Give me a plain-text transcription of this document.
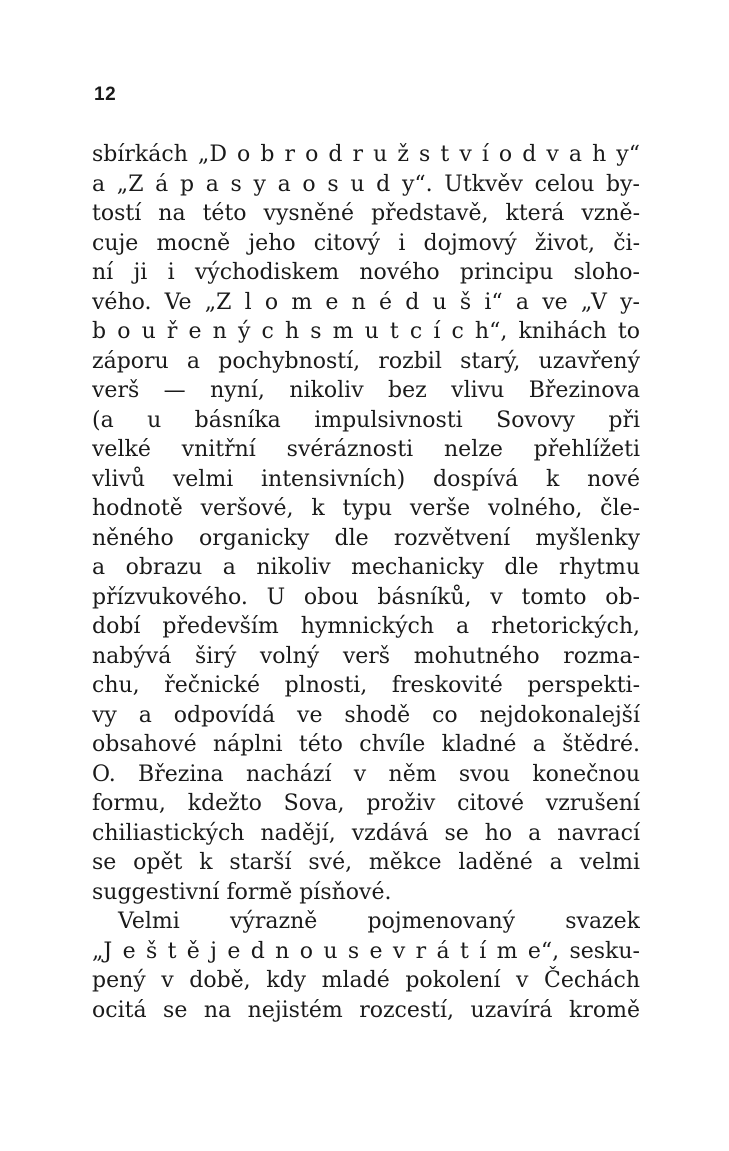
12
sbírkách „D o b r o d r u ž s t v í o d v a h y“
a „Z á p a s y a o s u d y“. Utkvěv celou by-
tostí na této vysněné představě, která vzně-
cuje mocně jeho citový i dojmový život, či-
ní ji i východiskem nového principu sloho-
vého. Ve „Z l o m e n é d u š i“ a ve „V y-
b o u ř e n ý c h s m u t c í c h“, knihách to
záporu a pochybností, rozbil starý, uzavřený
verš — nyní, nikoliv bez vlivu Březinova
(a u básníka impulsivnosti Sovovy při
velké vnitřní svéráznosti nelze přehlížeti
vlivů velmi intensivních) dospívá k nové
hodnotě veršové, k typu verše volného, čle-
něného organicky dle rozvětvení myšlenky
a obrazu a nikoliv mechanicky dle rhytmu
přízvukového. U obou básníků, v tomto ob-
dobí především hymnických a rhetorických,
nabývá širý volný verš mohutného rozma-
chu, řečnické plnosti, freskovité perspekti-
vy a odpovídá ve shodě co nejdokonalejší
obsahové náplni této chvíle kladné a štědré.
O. Březina nachází v něm svou konečnou
formu, kdežto Sova, proživ citové vzrušení
chiliastických nadějí, vzdává se ho a navrací
se opět k starší své, měkce laděné a velmi
suggestivní formě písňové.
Velmi výrazně pojmenovaný svazek
„J e š t ě j e d n o u s e v r á t í m e“, sesku-
pený v době, kdy mladé pokolení v Čechách
ocitá se na nejistém rozcestí, uzavírá kromě
